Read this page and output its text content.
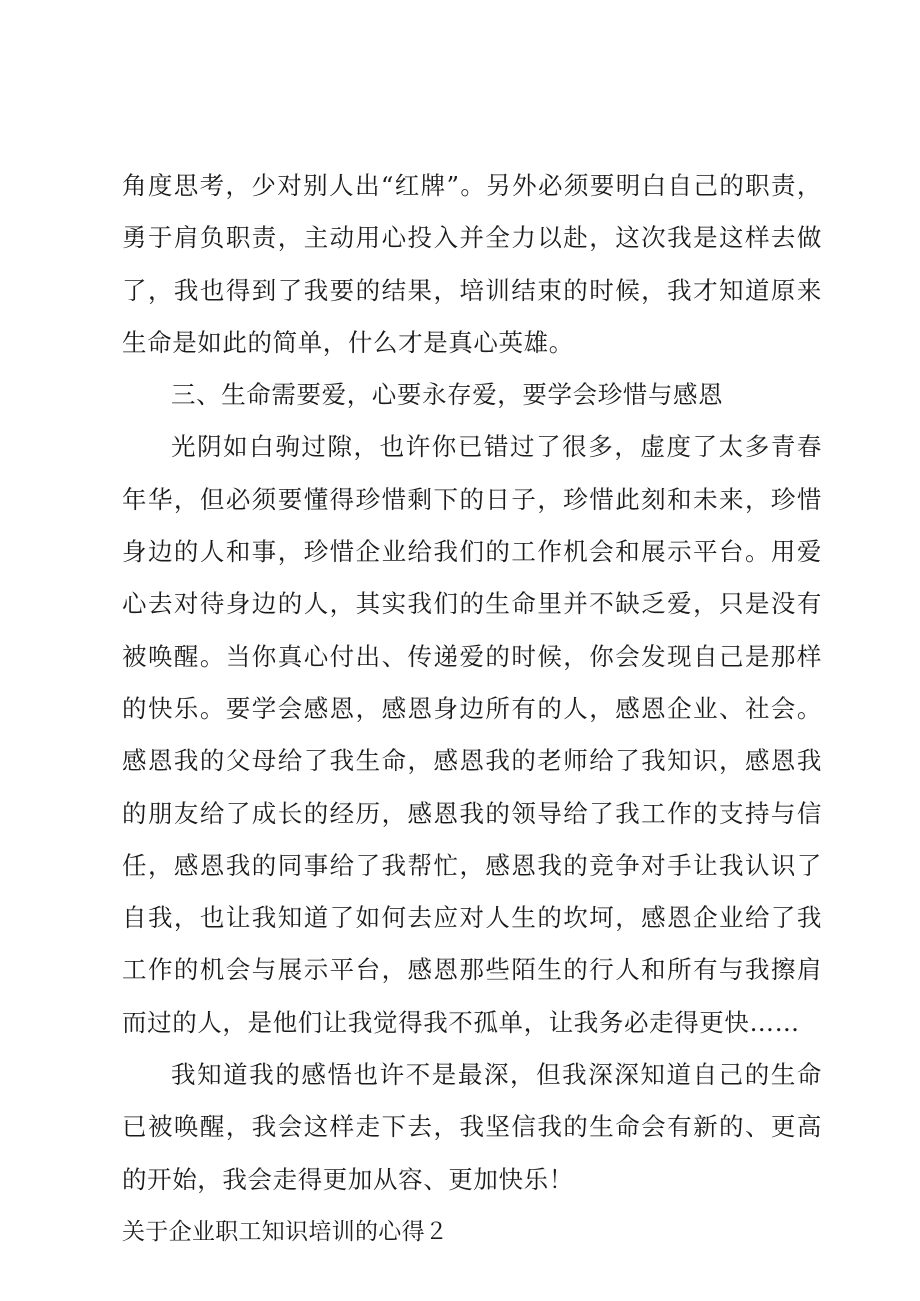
角度思考，少对别人出“红牌”。另外必须要明白自己的职责，勇于肩负职责，主动用心投入并全力以赴，这次我是这样去做了，我也得到了我要的结果，培训结束的时候，我才知道原来生命是如此的简单，什么才是真心英雄。

三、生命需要爱，心要永存爱，要学会珍惜与感恩

光阴如白驹过隙，也许你已错过了很多，虚度了太多青春年华，但必须要懂得珍惜剩下的日子，珍惜此刻和未来，珍惜身边的人和事，珍惜企业给我们的工作机会和展示平台。用爱心去对待身边的人，其实我们的生命里并不缺乏爱，只是没有被唤醒。当你真心付出、传递爱的时候，你会发现自己是那样的快乐。要学会感恩，感恩身边所有的人，感恩企业、社会。感恩我的父母给了我生命，感恩我的老师给了我知识，感恩我的朋友给了成长的经历，感恩我的领导给了我工作的支持与信任，感恩我的同事给了我帮忙，感恩我的竞争对手让我认识了自我，也让我知道了如何去应对人生的坎坷，感恩企业给了我工作的机会与展示平台，感恩那些陌生的行人和所有与我擦肩而过的人，是他们让我觉得我不孤单，让我务必走得更快……

我知道我的感悟也许不是最深，但我深深知道自己的生命已被唤醒，我会这样走下去，我坚信我的生命会有新的、更高的开始，我会走得更加从容、更加快乐！

关于企业职工知识培训的心得２
